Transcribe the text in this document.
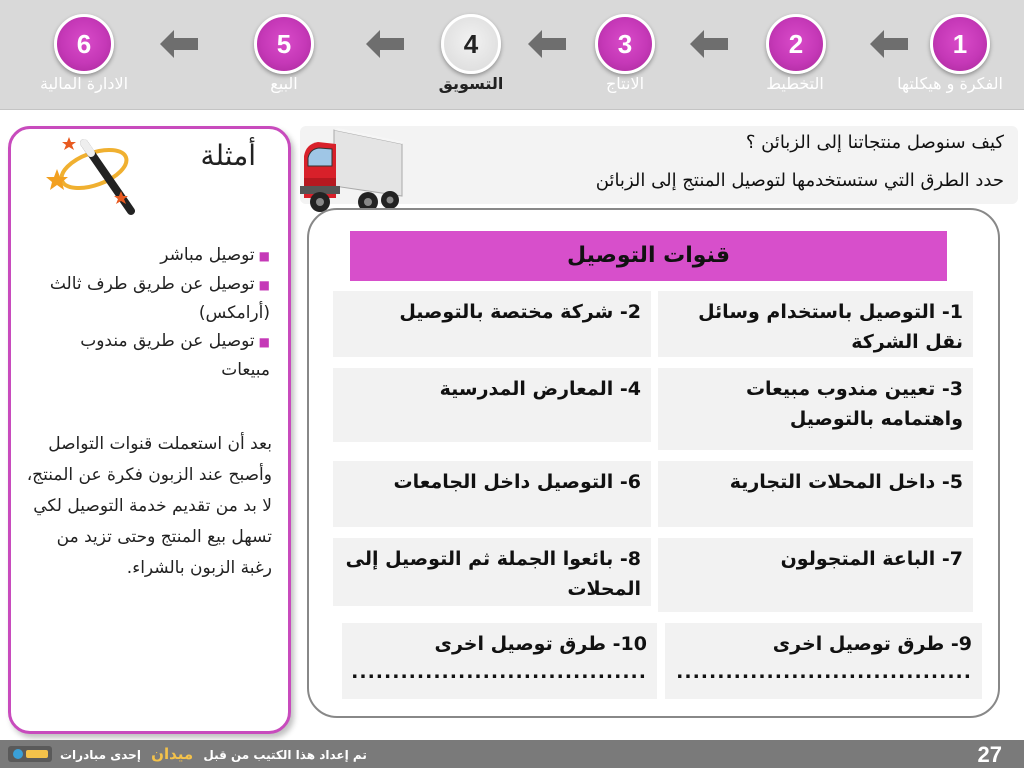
1
الفكرة و هيكلتها
2
التخطيط
3
الانتاج
4
التسويق
5
البيع
6
الادارة المالية
أمثلة
■توصيل مباشر
■توصيل عن طريق طرف ثالث (أرامكس)
■توصيل عن طريق مندوب مبيعات
بعد أن استعملت قنوات التواصل وأصبح عند الزبون فكرة عن المنتج، لا بد من تقديم خدمة التوصيل لكي تسهل بيع المنتج وحتى تزيد من رغبة الزبون بالشراء.
كيف سنوصل منتجاتنا إلى الزبائن ؟
حدد الطرق التي ستستخدمها لتوصيل المنتج إلى الزبائن
قنوات التوصيل
1- التوصيل باستخدام وسائل نقل الشركة
2- شركة مختصة بالتوصيل
3- تعيين مندوب مبيعات واهتمامه بالتوصيل
4- المعارض المدرسية
5- داخل المحلات التجارية
6- التوصيل داخل الجامعات
7- الباعة المتجولون
8- بائعوا الجملة ثم التوصيل إلى المحلات
9- طرق توصيل اخرى
....................................
10- طرق توصيل اخرى
....................................
تم إعداد هذا الكتيب من قبل ميدان إحدى مبادرات	27
